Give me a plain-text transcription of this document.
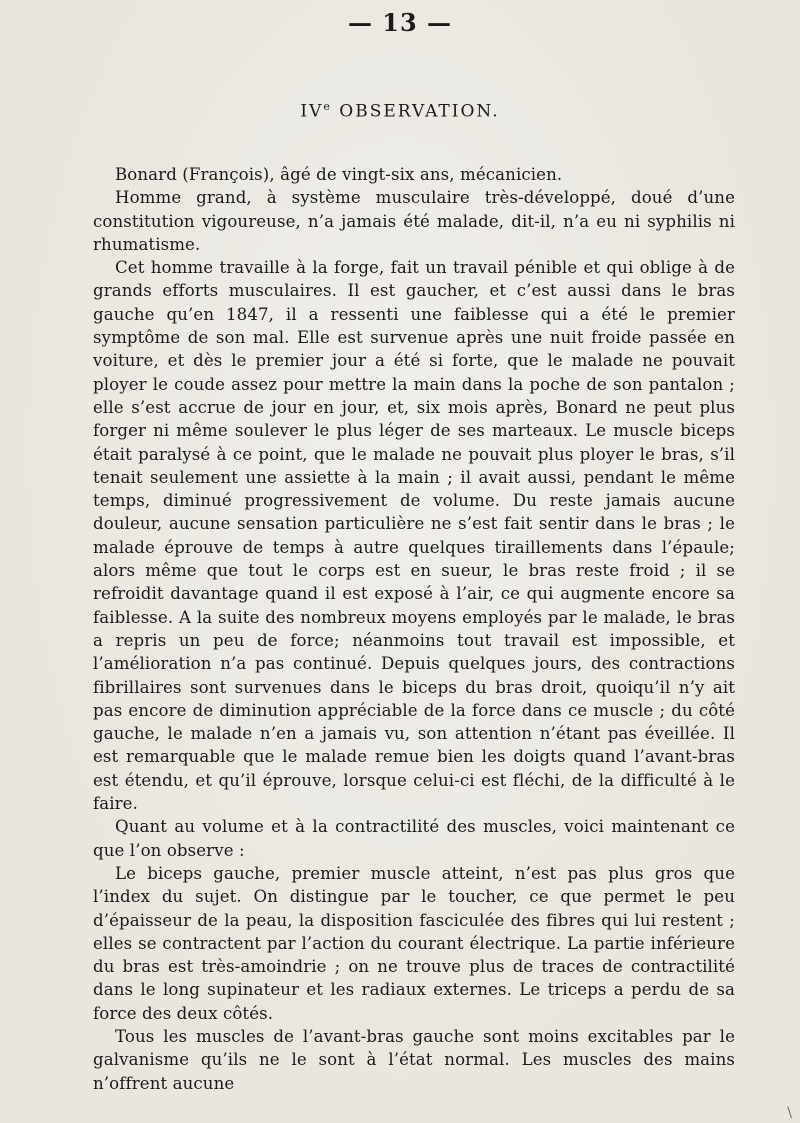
— 13 —
IVe OBSERVATION.

Bonard (François), âgé de vingt-six ans, mécanicien.

Homme grand, à système musculaire très-développé, doué d’une constitution vigoureuse, n’a jamais été malade, dit-il, n’a eu ni syphilis ni rhumatisme.

Cet homme travaille à la forge, fait un travail pénible et qui oblige à de grands efforts musculaires. Il est gaucher, et c’est aussi dans le bras gauche qu’en 1847, il a ressenti une faiblesse qui a été le premier symptôme de son mal. Elle est survenue après une nuit froide passée en voiture, et dès le premier jour a été si forte, que le malade ne pouvait ployer le coude assez pour mettre la main dans la poche de son pantalon ; elle s’est accrue de jour en jour, et, six mois après, Bonard ne peut plus forger ni même soulever le plus léger de ses marteaux. Le muscle biceps était paralysé à ce point, que le malade ne pouvait plus ployer le bras, s’il tenait seulement une assiette à la main ; il avait aussi, pendant le même temps, diminué progressivement de volume. Du reste jamais aucune douleur, aucune sensation particulière ne s’est fait sentir dans le bras ; le malade éprouve de temps à autre quelques tiraillements dans l’épaule; alors même que tout le corps est en sueur, le bras reste froid ; il se refroidit davantage quand il est exposé à l’air, ce qui augmente encore sa faiblesse. A la suite des nombreux moyens employés par le malade, le bras a repris un peu de force; néanmoins tout travail est impossible, et l’amélioration n’a pas continué. Depuis quelques jours, des contractions fibrillaires sont survenues dans le biceps du bras droit, quoiqu’il n’y ait pas encore de diminution appréciable de la force dans ce muscle ; du côté gauche, le malade n’en a jamais vu, son attention n’étant pas éveillée. Il est remarquable que le malade remue bien les doigts quand l’avant-bras est étendu, et qu’il éprouve, lorsque celui-ci est fléchi, de la difficulté à le faire.

Quant au volume et à la contractilité des muscles, voici maintenant ce que l’on observe :

Le biceps gauche, premier muscle atteint, n’est pas plus gros que l’index du sujet. On distingue par le toucher, ce que permet le peu d’épaisseur de la peau, la disposition fasciculée des fibres qui lui restent ; elles se contractent par l’action du courant électrique. La partie inférieure du bras est très-amoindrie ; on ne trouve plus de traces de contractilité dans le long supinateur et les radiaux externes. Le triceps a perdu de sa force des deux côtés.

Tous les muscles de l’avant-bras gauche sont moins excitables par le galvanisme qu’ils ne le sont à l’état normal. Les muscles des mains n’offrent aucune

\
